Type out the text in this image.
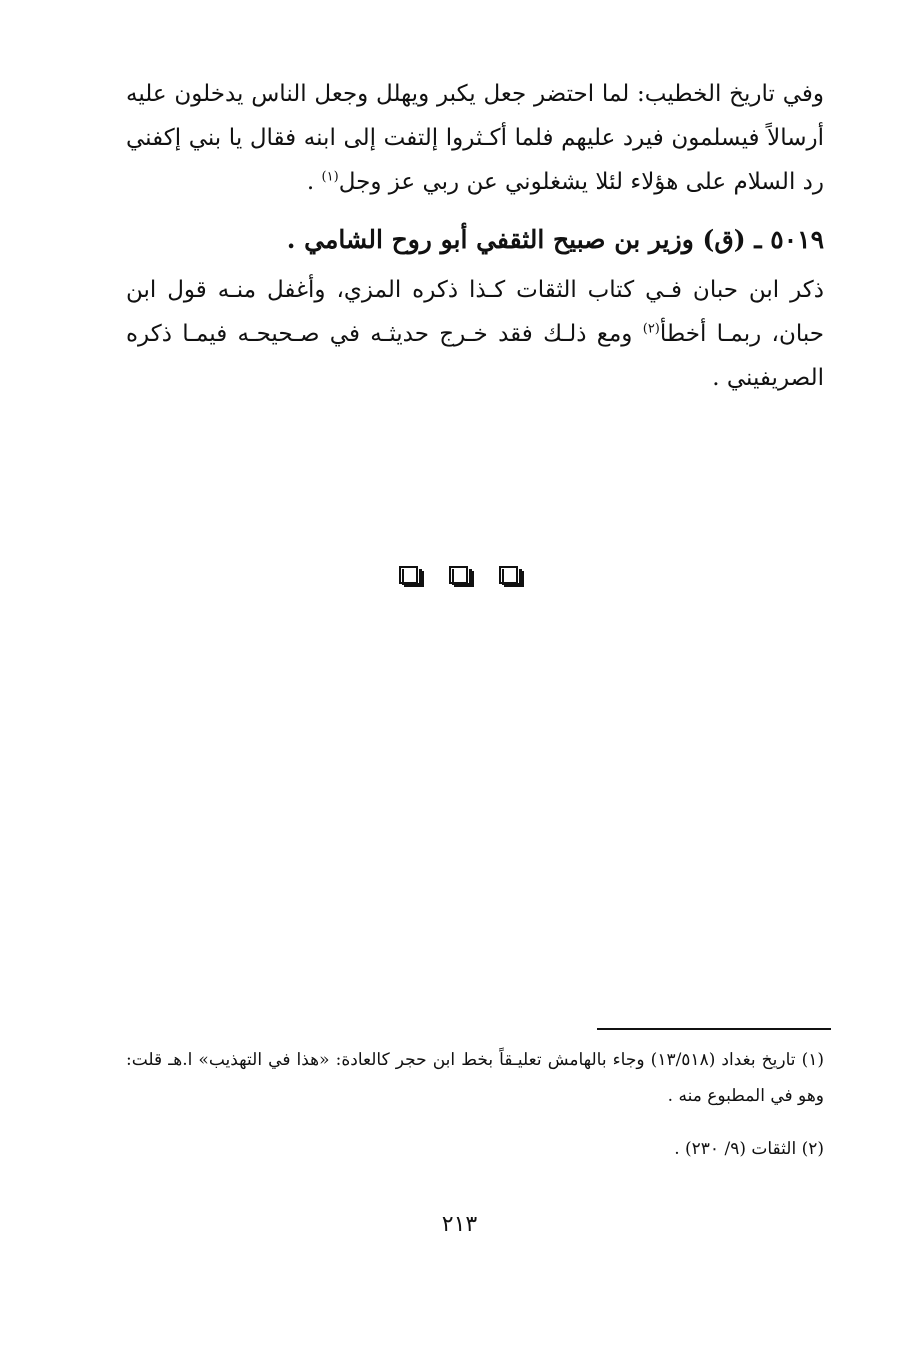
وفي تاريخ الخطيب: لما احتضر جعل يكبر ويهلل وجعل الناس يدخلون عليه أرسالاً فيسلمون فيرد عليهم فلما أكـثروا إلتفت إلى ابنه فقال يا بني إكفني رد السلام على هؤلاء لئلا يشغلوني عن ربي عز وجل$^{(١)}$ .

٥٠١٩ ـ (ق) وزير بن صبيح الثقفي أبو روح الشامي .

ذكر ابن حبان فـي كتاب الثقات كـذا ذكره المزي، وأغفل منـه قول ابن حبان، ربمـا أخطأ$^{(٢)}$ ومع ذلـك فقد خـرج حديثـه في صـحيحـه فيمـا ذكره الصريفيني .

(١) تاريخ بغداد (١٣/٥١٨) وجاء بالهامش تعليـقاً بخط ابن حجر كالعادة: «هذا في التهذيب» ا.هـ قلت: وهو في المطبوع منه .

(٢) الثقات (٩/ ٢٣٠) .

٢١٣
